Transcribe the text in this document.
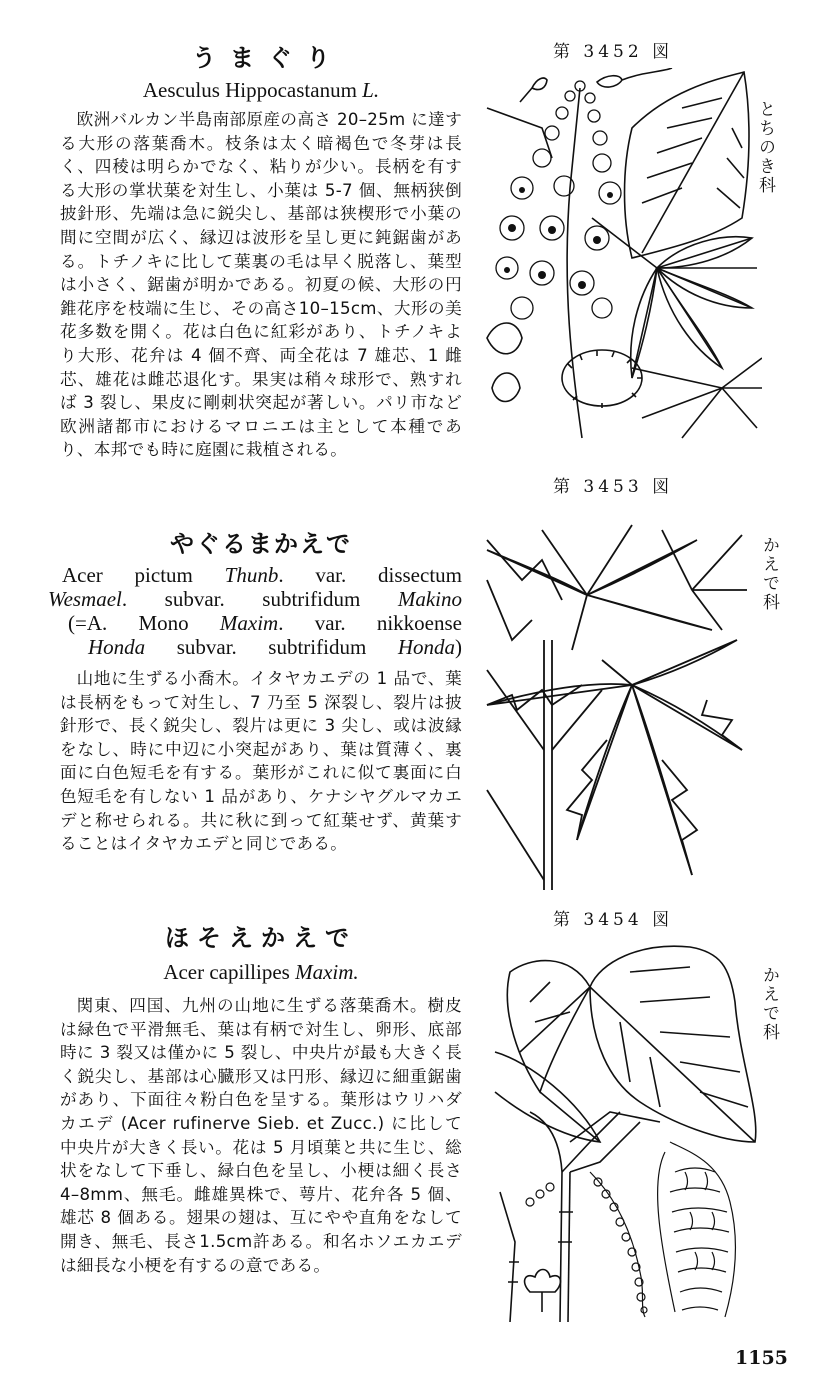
うまぐり
Aesculus Hippocastanum L.
欧洲バルカン半島南部原産の高さ 20–25m に達する大形の落葉喬木。枝条は太く暗褐色で冬芽は長く、四稜は明らかでなく、粘りが少い。長柄を有する大形の掌状葉を対生し、小葉は 5-7 個、無柄狭倒披針形、先端は急に鋭尖し、基部は狭楔形で小葉の間に空間が広く、縁辺は波形を呈し更に鈍鋸歯がある。トチノキに比して葉裏の毛は早く脱落し、葉型は小さく、鋸歯が明かである。初夏の候、大形の円錐花序を枝端に生じ、その高さ10–15cm、大形の美花多数を開く。花は白色に紅彩があり、トチノキより大形、花弁は 4 個不齊、両全花は 7 雄芯、1 雌芯、雄花は雌芯退化す。果実は稍々球形で、熟すれば 3 裂し、果皮に剛刺状突起が著しい。パリ市など欧洲諸都市におけるマロニエは主として本種であり、本邦でも時に庭園に栽植される。
第 3452 図
とちのき科
やぐるまかえで
Acer pictum Thunb. var. dissectum
Wesmael. subvar. subtrifidum Makino
(=A. Mono Maxim. var. nikkoense
Honda subvar. subtrifidum Honda)
山地に生ずる小喬木。イタヤカエデの 1 品で、葉は長柄をもって対生し、7 乃至 5 深裂し、裂片は披針形で、長く鋭尖し、裂片は更に 3 尖し、或は波縁をなし、時に中辺に小突起があり、葉は質薄く、裏面に白色短毛を有する。葉形がこれに似て裏面に白色短毛を有しない 1 品があり、ケナシヤグルマカエデと称せられる。共に秋に到って紅葉せず、黄葉することはイタヤカエデと同じである。
第 3453 図
かえで科
ほそえかえで
Acer capillipes Maxim.
関東、四国、九州の山地に生ずる落葉喬木。樹皮は緑色で平滑無毛、葉は有柄で対生し、卵形、底部時に 3 裂又は僅かに 5 裂し、中央片が最も大きく長く鋭尖し、基部は心臓形又は円形、縁辺に細重鋸歯があり、下面往々粉白色を呈する。葉形はウリハダカエデ (Acer rufinerve Sieb. et Zucc.) に比して中央片が大きく長い。花は 5 月頃葉と共に生じ、総状をなして下垂し、緑白色を呈し、小梗は細く長さ4–8mm、無毛。雌雄異株で、萼片、花弁各 5 個、雄芯 8 個ある。翅果の翅は、互にやや直角をなして開き、無毛、長さ1.5cm許ある。和名ホソエカエデは細長な小梗を有するの意である。
第 3454 図
かえで科
1155
